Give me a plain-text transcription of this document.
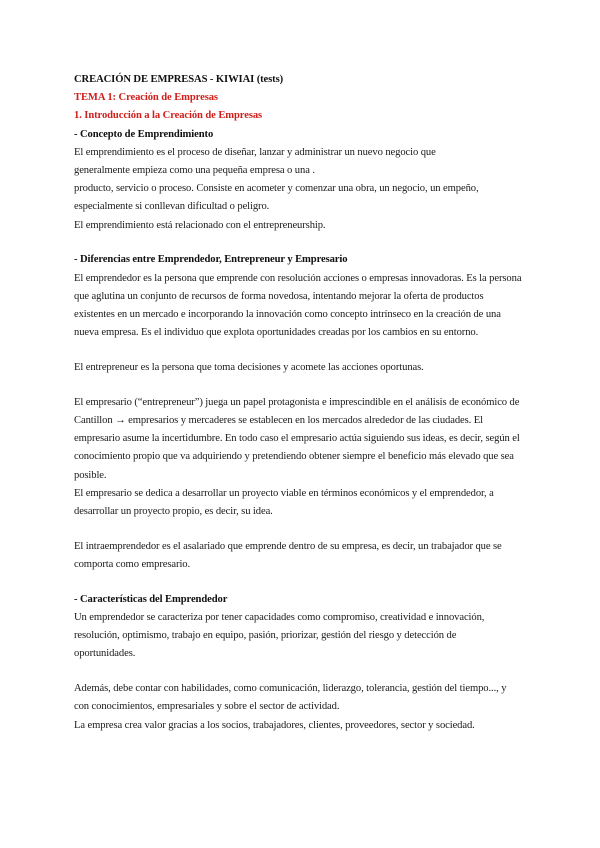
CREACIÓN DE EMPRESAS - KIWIAI (tests)
TEMA 1: Creación de Empresas
1. Introducción a la Creación de Empresas
- Concepto de Emprendimiento
El emprendimiento es el proceso de diseñar, lanzar y administrar un nuevo negocio que
generalmente empieza como una pequeña empresa o una .
producto, servicio o proceso. Consiste en acometer y comenzar una obra, un negocio, un empeño,
especialmente si conllevan dificultad o peligro.
El emprendimiento está relacionado con el entrepreneurship.
- Diferencias entre Emprendedor, Entrepreneur y Empresario
El emprendedor es la persona que emprende con resolución acciones o empresas innovadoras. Es la persona
que aglutina un conjunto de recursos de forma novedosa, intentando mejorar la oferta de productos
existentes en un mercado e incorporando la innovación como concepto intrínseco en la creación de una
nueva empresa. Es el individuo que explota oportunidades creadas por los cambios en su entorno.
El entrepreneur es la persona que toma decisiones y acomete las acciones oportunas.
El empresario (“entrepreneur”) juega un papel protagonista e imprescindible en el análisis de económico de
Cantillon → empresarios y mercaderes se establecen en los mercados alrededor de las ciudades. El
empresario asume la incertidumbre. En todo caso el empresario actúa siguiendo sus ideas, es decir, según el
conocimiento propio que va adquiriendo y pretendiendo obtener siempre el beneficio más elevado que sea
posible.
El empresario se dedica a desarrollar un proyecto viable en términos económicos y el emprendedor, a
desarrollar un proyecto propio, es decir, su idea.
El intraemprendedor es el asalariado que emprende dentro de su empresa, es decir, un trabajador que se
comporta como empresario.
- Características del Emprendedor
Un emprendedor se caracteriza por tener capacidades como compromiso, creatividad e innovación,
resolución, optimismo, trabajo en equipo, pasión, priorizar, gestión del riesgo y detección de
oportunidades.
Además, debe contar con habilidades, como comunicación, liderazgo, tolerancia, gestión del tiempo..., y
con conocimientos, empresariales y sobre el sector de actividad.
La empresa crea valor gracias a los socios, trabajadores, clientes, proveedores, sector y sociedad.
